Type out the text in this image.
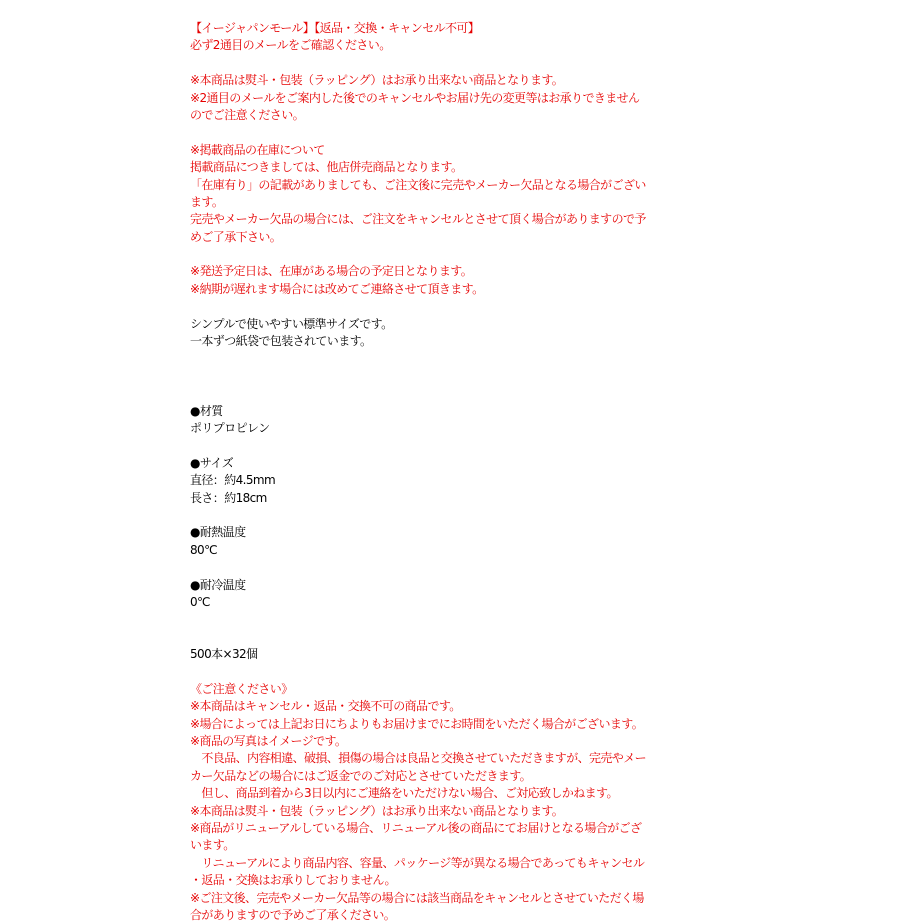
【イージャパンモール】【返品・交換・キャンセル不可】
必ず2通目のメールをご確認ください。
※本商品は熨斗・包装（ラッピング）はお承り出来ない商品となります。
※2通目のメールをご案内した後でのキャンセルやお届け先の変更等はお承りできません
のでご注意ください。
※掲載商品の在庫について
掲載商品につきましては、他店併売商品となります。
「在庫有り」の記載がありましても、ご注文後に完売やメーカー欠品となる場合がござい
ます。
完売やメーカー欠品の場合には、ご注文をキャンセルとさせて頂く場合がありますので予
めご了承下さい。
※発送予定日は、在庫がある場合の予定日となります。
※納期が遅れます場合には改めてご連絡させて頂きます。
シンプルで使いやすい標準サイズです。
一本ずつ紙袋で包装されています。
●材質
ポリプロピレン
●サイズ
直径：約4.5mm
長さ：約18cm
●耐熱温度
80℃
●耐冷温度
0℃
500本×32個
《ご注意ください》
※本商品はキャンセル・返品・交換不可の商品です。
※場合によっては上記お日にちよりもお届けまでにお時間をいただく場合がございます。
※商品の写真はイメージです。
　不良品、内容相違、破損、損傷の場合は良品と交換させていただきますが、完売やメー
カー欠品などの場合にはご返金でのご対応とさせていただきます。
　但し、商品到着から3日以内にご連絡をいただけない場合、ご対応致しかねます。
※本商品は熨斗・包装（ラッピング）はお承り出来ない商品となります。
※商品がリニューアルしている場合、リニューアル後の商品にてお届けとなる場合がござ
います。
　リニューアルにより商品内容、容量、パッケージ等が異なる場合であってもキャンセル
・返品・交換はお承りしておりません。
※ご注文後、完売やメーカー欠品等の場合には該当商品をキャンセルとさせていただく場
合がありますので予めご了承ください。
